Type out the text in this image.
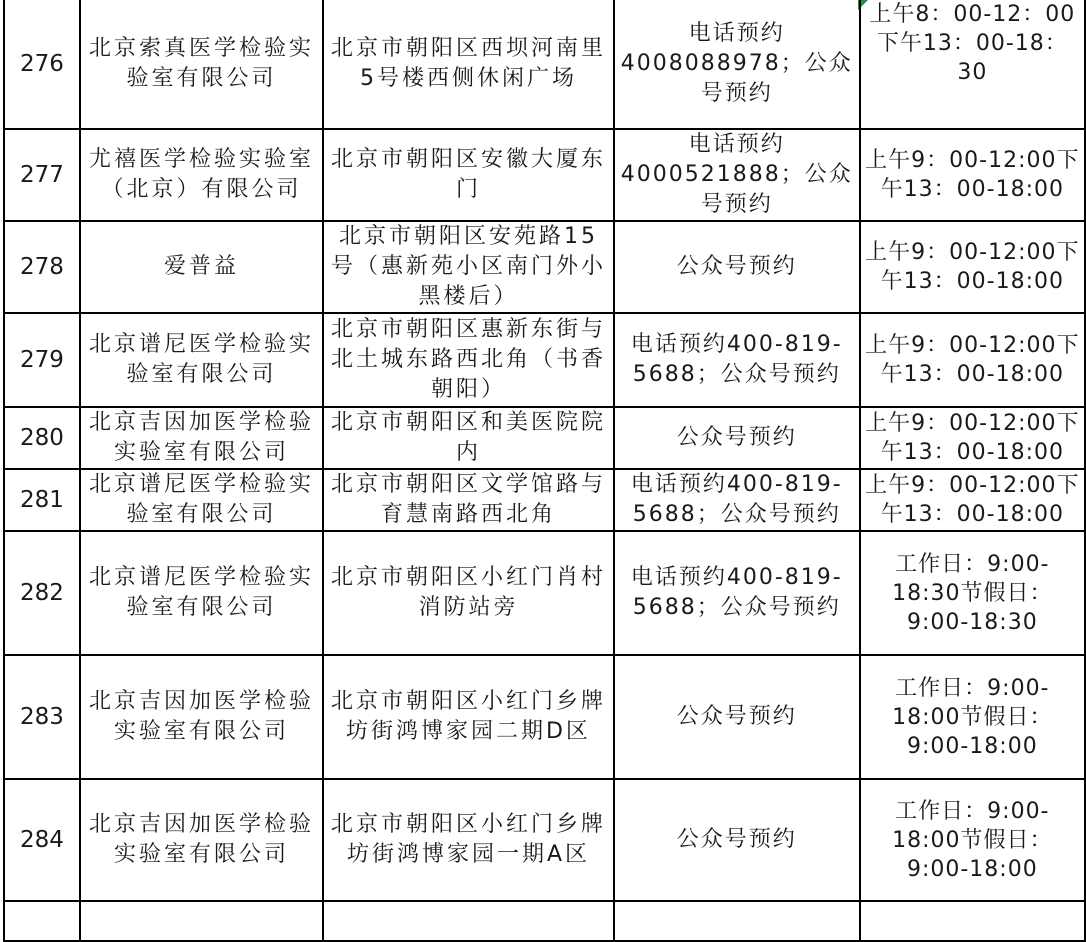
276	北京索真医学检验实验室有限公司	北京市朝阳区西坝河南里5号楼西侧休闲广场	电话预约4008088978；公众号预约	上午8：00-12：00下午13：00-18：30
277	尤禧医学检验实验室（北京）有限公司	北京市朝阳区安徽大厦东门	电话预约4000521888；公众号预约	上午9：00-12:00下午13：00-18:00
278	爱普益	北京市朝阳区安苑路15号（惠新苑小区南门外小黑楼后）	公众号预约	上午9：00-12:00下午13：00-18:00
279	北京谱尼医学检验实验室有限公司	北京市朝阳区惠新东街与北土城东路西北角（书香朝阳）	电话预约400-819-5688；公众号预约	上午9：00-12:00下午13：00-18:00
280	北京吉因加医学检验实验室有限公司	北京市朝阳区和美医院院内	公众号预约	上午9：00-12:00下午13：00-18:00
281	北京谱尼医学检验实验室有限公司	北京市朝阳区文学馆路与育慧南路西北角	电话预约400-819-5688；公众号预约	上午9：00-12:00下午13：00-18:00
282	北京谱尼医学检验实验室有限公司	北京市朝阳区小红门肖村消防站旁	电话预约400-819-5688；公众号预约	工作日：9:00-18:30节假日：9:00-18:30
283	北京吉因加医学检验实验室有限公司	北京市朝阳区小红门乡牌坊街鸿博家园二期D区	公众号预约	工作日：9:00-18:00节假日：9:00-18:00
284	北京吉因加医学检验实验室有限公司	北京市朝阳区小红门乡牌坊街鸿博家园一期A区	公众号预约	工作日：9:00-18:00节假日：9:00-18:00
